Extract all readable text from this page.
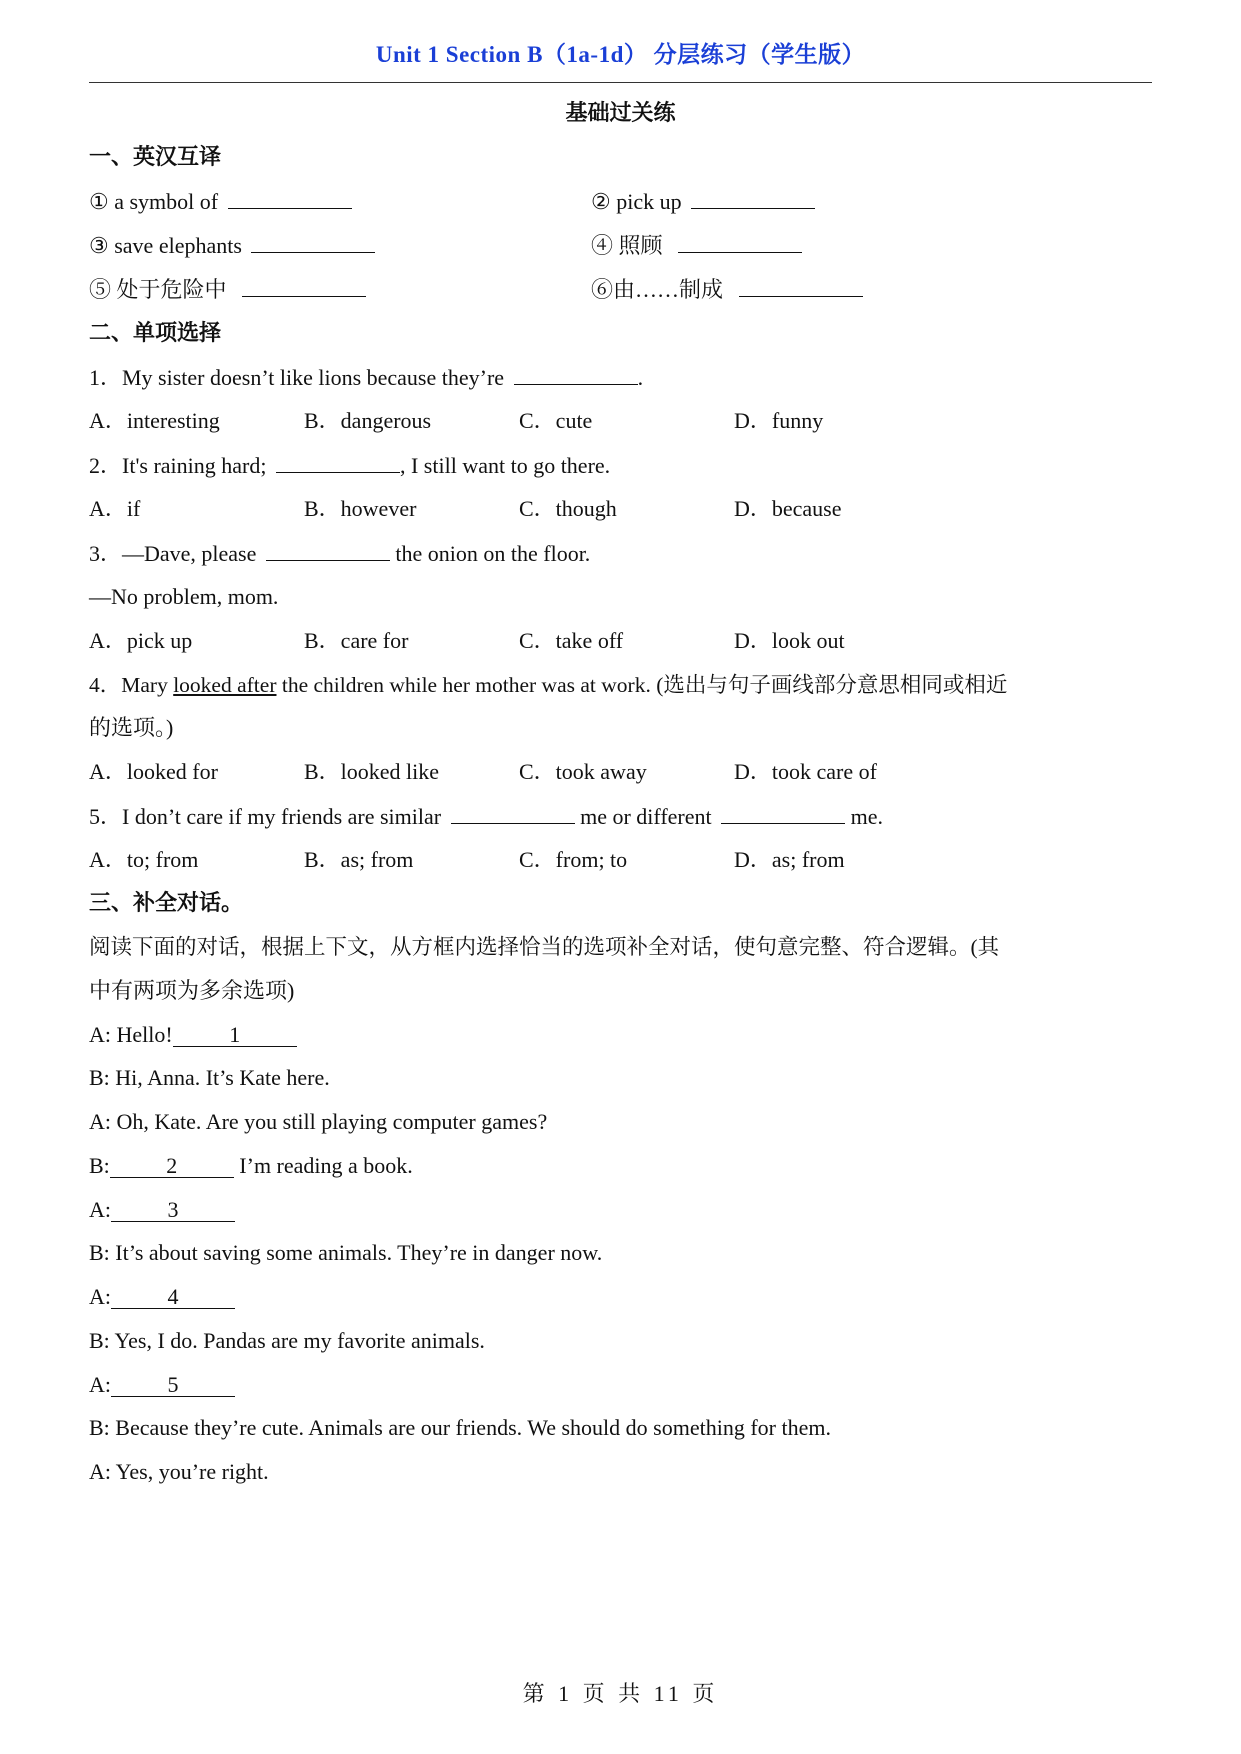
Unit 1 Section B（1a-1d） 分层练习（学生版）
基础过关练
一、英汉互译
① a symbol of	② pick up
③ save elephants	④ 照顾
⑤ 处于危险中	⑥由……制成
二、单项选择
1．My sister doesn’t like lions because they’re	.
A．interesting	B．dangerous	C．cute	D．funny
2．It's raining hard;	, I still want to go there.
A．if	B．however	C．though	D．because
3．—Dave, please	the onion on the floor.
—No problem, mom.
A．pick up	B．care for	C．take off	D．look out
4．Mary looked after the children while her mother was at work. (选出与句子画线部分意思相同或相近
的选项。)
A．looked for	B．looked like	C．took away	D．took care of
5．I don’t care if my friends are similar	me or different	me.
A．to; from	B．as; from	C．from; to	D．as; from
三、补全对话。
阅读下面的对话，根据上下文，从方框内选择恰当的选项补全对话，使句意完整、符合逻辑。(其
中有两项为多余选项)
A: Hello!	1
B: Hi, Anna. It’s Kate here.
A: Oh, Kate. Are you still playing computer games?
B:	2	I’m reading a book.
A:	3
B: It’s about saving some animals. They’re in danger now.
A:	4
B: Yes, I do. Pandas are my favorite animals.
A:	5
B: Because they’re cute. Animals are our friends. We should do something for them.
A: Yes, you’re right.
第 1 页 共 11 页
